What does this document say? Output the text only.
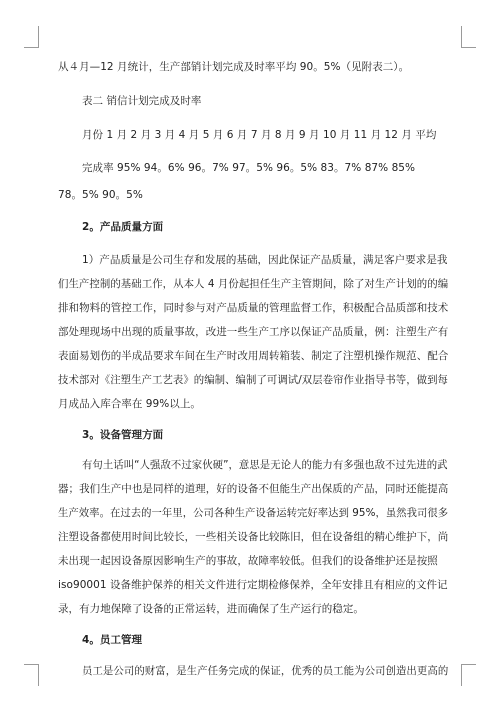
从４月—12 月统计，生产部销计划完成及时率平均 90。5%（见附表二）。
表二 销信计划完成及时率
月份 1 月 2 月 3 月 4 月 5 月 6 月 7 月 8 月 9 月 10 月 11 月 12 月 平均
完成率 95% 94。6% 96。7% 97。5% 96。5% 83。7% 87% 85%
78。5% 90。5%
2。产品质量方面
1）产品质量是公司生存和发展的基础，因此保证产品质量，满足客户要求是我
们生产控制的基础工作，从本人 4 月份起担任生产主管期间，除了对生产计划的的编
排和物料的管控工作，同时参与对产品质量的管理监督工作，积极配合品质部和技术
部处理现场中出现的质量事故，改进一些生产工序以保证产品质量，例：注塑生产有
表面易划伤的半成品要求车间在生产时改用周转箱装、制定了注塑机操作规范、配合
技术部对《注塑生产工艺表》的编制、编制了可调试/双层卷帘作业指导书等，做到每
月成品入库合率在 99%以上。
3。设备管理方面
有句土话叫“人强敌不过家伙硬”，意思是无论人的能力有多强也敌不过先进的武
器；我们生产中也是同样的道理，好的设备不但能生产出保质的产品，同时还能提高
生产效率。在过去的一年里，公司各种生产设备运转完好率达到 95%，虽然我司很多
注塑设备都使用时间比较长，一些相关设备比较陈旧，但在设备组的精心维护下，尚
未出现一起因设备原因影响生产的事故，故障率较低。但我们的设备维护还是按照
iso90001 设备维护保养的相关文件进行定期检修保养，全年安排且有相应的文件记
录，有力地保障了设备的正常运转，进而确保了生产运行的稳定。
4。员工管理
员工是公司的财富，是生产任务完成的保证，优秀的员工能为公司创造出更高的
